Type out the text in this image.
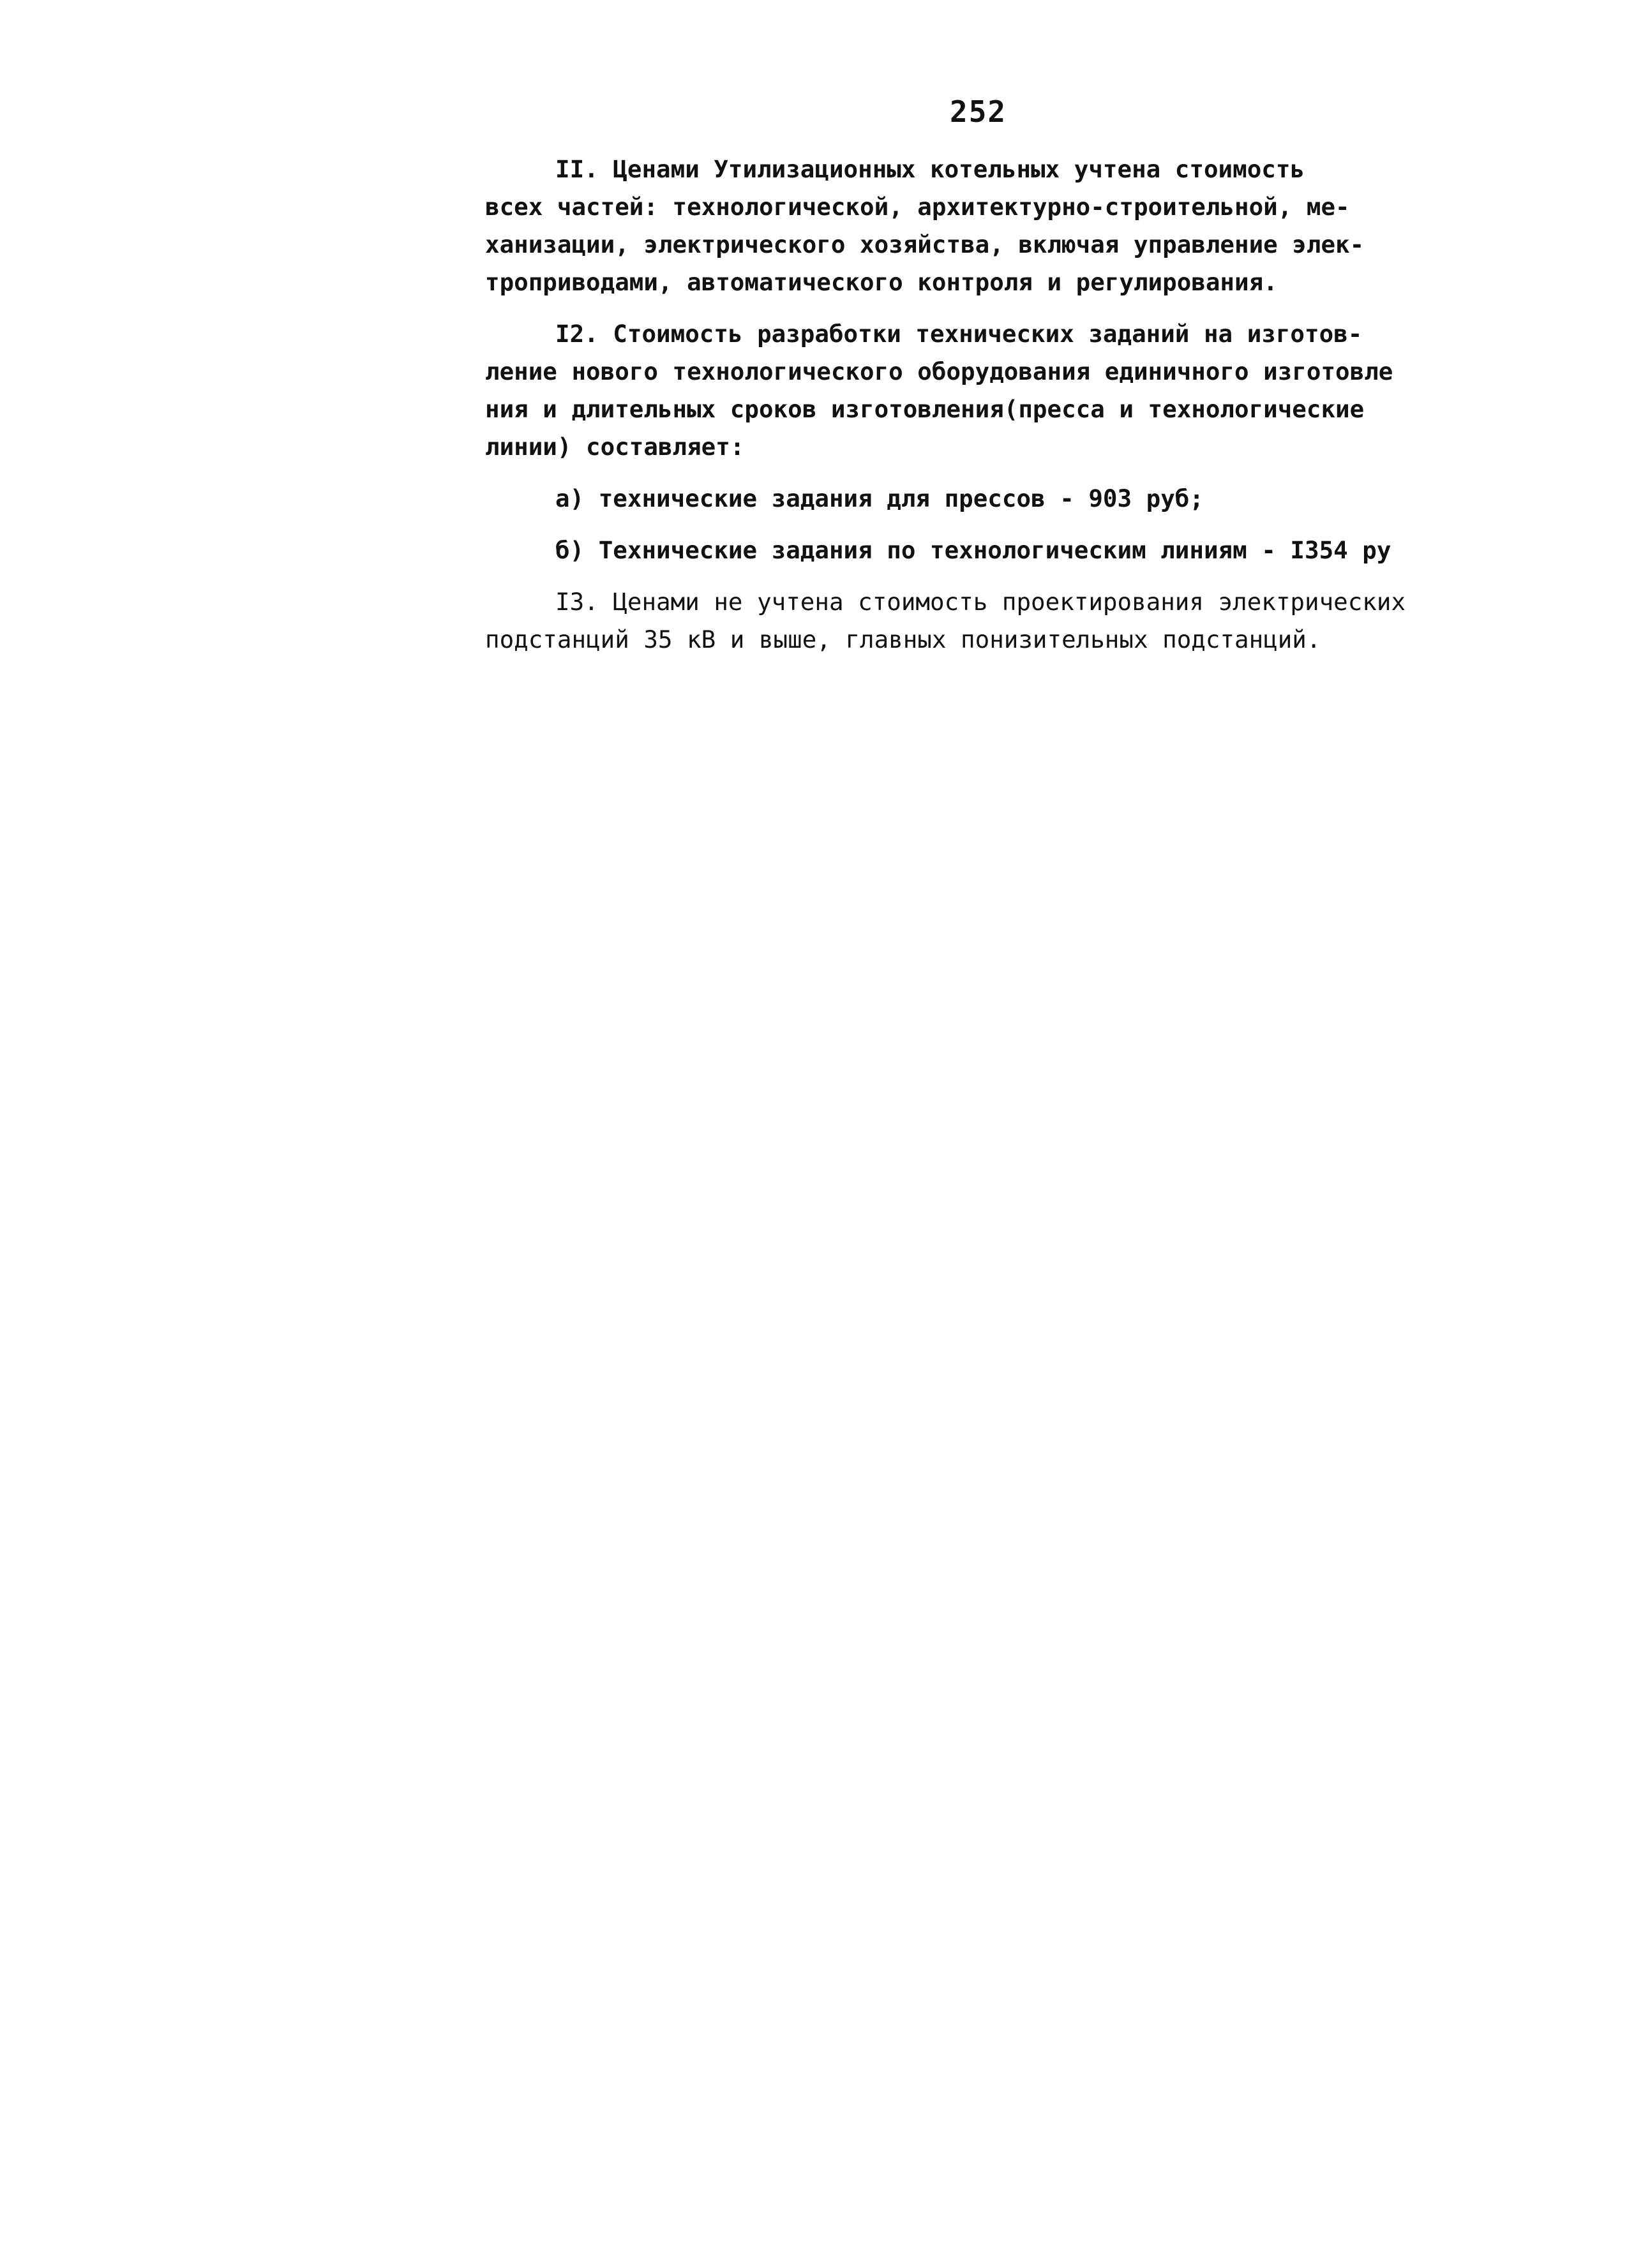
252
II. Ценами Утилизационных котельных учтена стоимость
всех частей: технологической, архитектурно-строительной, ме-
ханизации, электрического хозяйства, включая управление элек-
троприводами, автоматического контроля и регулирования.
I2. Стоимость разработки технических заданий на изготов-
ление нового технологического оборудования единичного изготовле
ния и длительных сроков изготовления(пресса и технологические
линии) составляет:
а) технические задания для прессов - 903 руб;
б) Технические задания по технологическим линиям - I354 ру
I3. Ценами не учтена стоимость проектирования электрических
подстанций 35 кВ и выше, главных понизительных подстанций.
